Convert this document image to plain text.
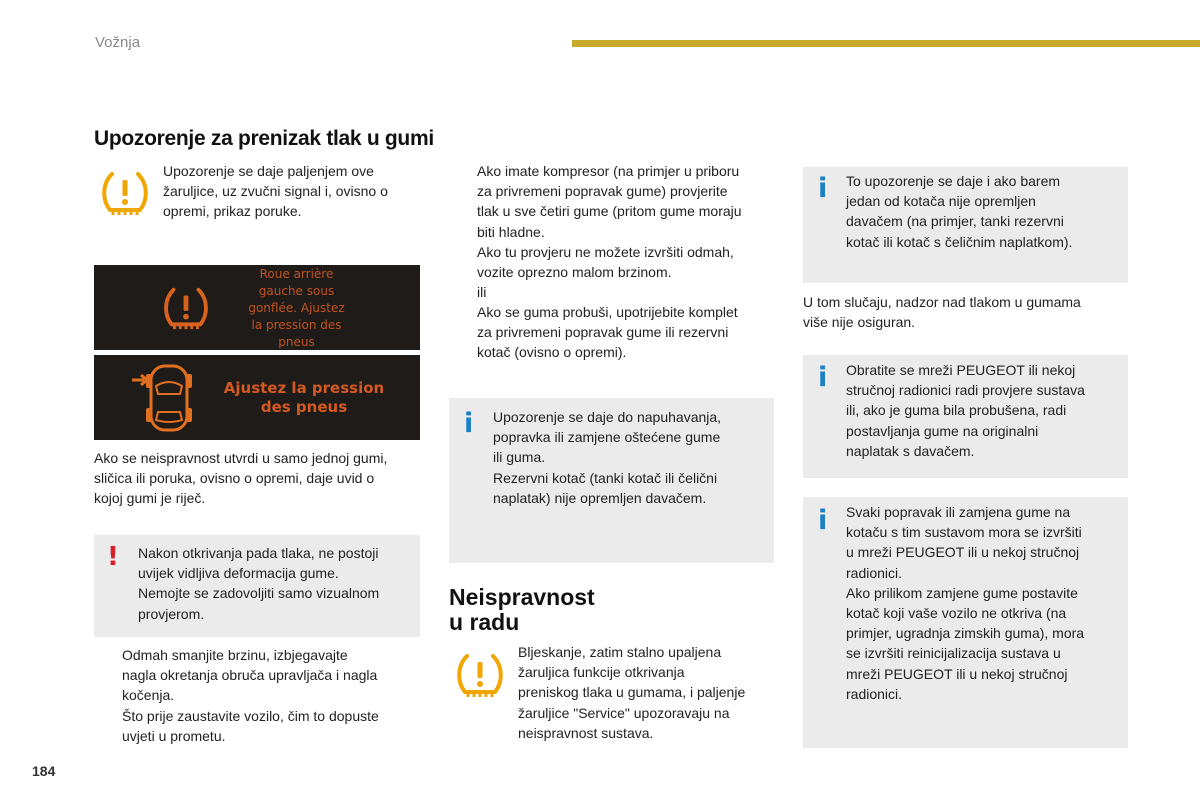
Vožnja
Upozorenje za prenizak tlak u gumi
Upozorenje se daje paljenjem ove
žaruljice, uz zvučni signal i, ovisno o
opremi, prikaz poruke.
Roue arrière
gauche sous
gonflée. Ajustez
la pression des
pneus
Ajustez la pression
des pneus
Ako se neispravnost utvrdi u samo jednoj gumi,
sličica ili poruka, ovisno o opremi, daje uvid o
kojoj gumi je riječ.
! Nakon otkrivanja pada tlaka, ne postoji
uvijek vidljiva deformacija gume.
Nemojte se zadovoljiti samo vizualnom
provjerom.
Odmah smanjite brzinu, izbjegavajte
nagla okretanja obruča upravljača i nagla
kočenja.
Što prije zaustavite vozilo, čim to dopuste
uvjeti u prometu.
Ako imate kompresor (na primjer u priboru
za privremeni popravak gume) provjerite
tlak u sve četiri gume (pritom gume moraju
biti hladne.
Ako tu provjeru ne možete izvršiti odmah,
vozite oprezno malom brzinom.
ili
Ako se guma probuši, upotrijebite komplet
za privremeni popravak gume ili rezervni
kotač (ovisno o opremi).
i Upozorenje se daje do napuhavanja,
popravka ili zamjene oštećene gume
ili guma.
Rezervni kotač (tanki kotač ili čelični
naplatak) nije opremljen davačem.
Neispravnost
u radu
Bljeskanje, zatim stalno upaljena
žaruljica funkcije otkrivanja
preniskog tlaka u gumama, i paljenje
žaruljice "Service" upozoravaju na
neispravnost sustava.
i To upozorenje se daje i ako barem
jedan od kotača nije opremljen
davačem (na primjer, tanki rezervni
kotač ili kotač s čeličnim naplatkom).
U tom slučaju, nadzor nad tlakom u gumama
više nije osiguran.
i Obratite se mreži PEUGEOT ili nekoj
stručnoj radionici radi provjere sustava
ili, ako je guma bila probušena, radi
postavljanja gume na originalni
naplatak s davačem.
i Svaki popravak ili zamjena gume na
kotaču s tim sustavom mora se izvršiti
u mreži PEUGEOT ili u nekoj stručnoj
radionici.
Ako prilikom zamjene gume postavite
kotač koji vaše vozilo ne otkriva (na
primjer, ugradnja zimskih guma), mora
se izvršiti reinicijalizacija sustava u
mreži PEUGEOT ili u nekoj stručnoj
radionici.
184
